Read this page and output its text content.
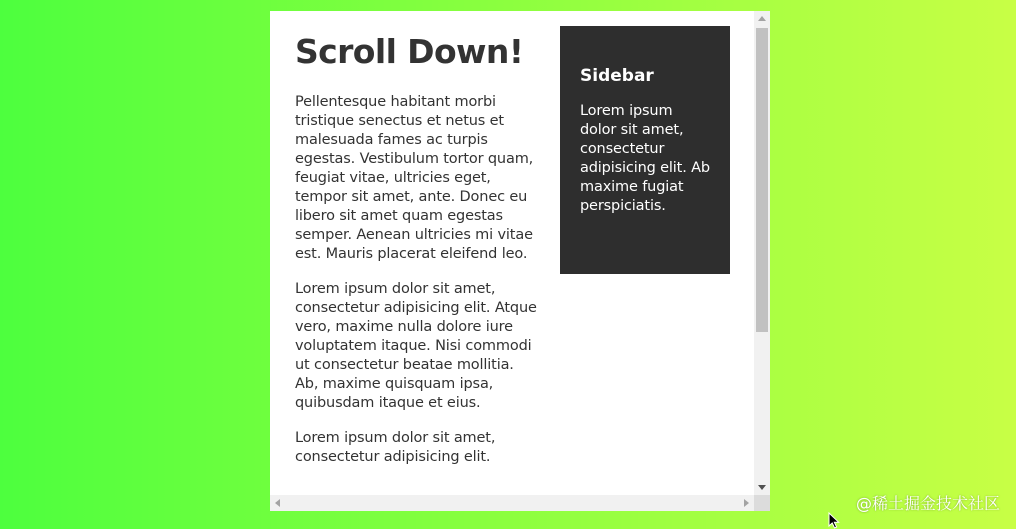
Scroll Down!

Pellentesque habitant morbi tristique senectus et netus et malesuada fames ac turpis egestas. Vestibulum tortor quam, feugiat vitae, ultricies eget, tempor sit amet, ante. Donec eu libero sit amet quam egestas semper. Aenean ultricies mi vitae est. Mauris placerat eleifend leo.

Lorem ipsum dolor sit amet, consectetur adipisicing elit. Atque vero, maxime nulla dolore iure voluptatem itaque. Nisi commodi ut consectetur beatae mollitia. Ab, maxime quisquam ipsa, quibusdam itaque et eius.

Lorem ipsum dolor sit amet, consectetur adipisicing elit.

Sidebar

Lorem ipsum dolor sit amet, consectetur adipisicing elit. Ab maxime fugiat perspiciatis.

@稀土掘金技术社区
